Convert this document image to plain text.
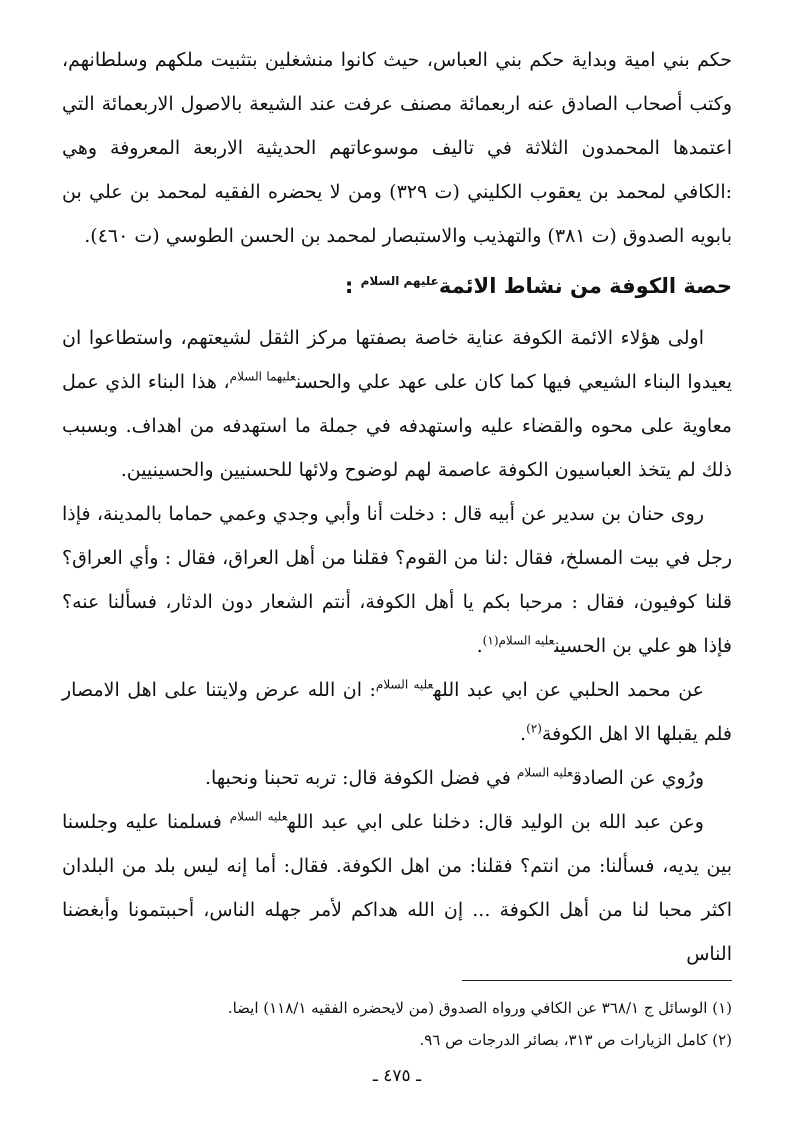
حكم بني امية وبداية حكم بني العباس، حيث كانوا منشغلين بتثبيت ملكهم وسلطانهم، وكتب أصحاب الصادق عنه اربعمائة مصنف عرفت عند الشيعة بالاصول الاربعمائة التي اعتمدها المحمدون الثلاثة في تاليف موسوعاتهم الحديثية الاربعة المعروفة وهي :الكافي لمحمد بن يعقوب الكليني (ت ٣٢٩) ومن لا يحضره الفقيه لمحمد بن علي بن بابويه الصدوق (ت ٣٨١) والتهذيب والاستبصار لمحمد بن الحسن الطوسي (ت ٤٦٠).

حصة الكوفة من نشاط الائمة$^{عليهم السلام}$ :

اولى هؤلاء الائمة الكوفة عناية خاصة بصفتها مركز الثقل لشيعتهم، واستطاعوا ان يعيدوا البناء الشيعي فيها كما كان على عهد علي والحسن$^{عليهما السلام}$، هذا البناء الذي عمل معاوية على محوه والقضاء عليه واستهدفه في جملة ما استهدفه من اهداف. وبسبب ذلك لم يتخذ العباسيون الكوفة عاصمة لهم لوضوح ولائها للحسنيين والحسينيين.

روى حنان بن سدير عن أبيه قال : دخلت أنا وأبي وجدي وعمي حماما بالمدينة، فإذا رجل في بيت المسلخ، فقال :لنا من القوم؟ فقلنا من أهل العراق، فقال : وأي العراق؟ قلنا كوفيون، فقال : مرحبا بكم يا أهل الكوفة، أنتم الشعار دون الدثار، فسألنا عنه؟ فإذا هو علي بن الحسين$^{عليه السلام(١)}$.

عن محمد الحلبي عن ابي عبد الله$^{عليه السلام}$: ان الله عرض ولايتنا على اهل الامصار فلم يقبلها الا اهل الكوفة$^{(٢)}$.

ورُوي عن الصادق$^{عليه السلام}$ في فضل الكوفة قال: تربه تحبنا ونحبها.

وعن عبد الله بن الوليد قال: دخلنا على ابي عبد الله$^{عليه السلام}$ فسلمنا عليه وجلسنا بين يديه، فسألنا: من انتم؟ فقلنا: من اهل الكوفة. فقال: أما إنه ليس بلد من البلدان اكثر محبا لنا من أهل الكوفة ... إن الله هداكم لأمر جهله الناس، أحببتمونا وأبغضنا الناس

(١) الوسائل ج ٣٦٨/١ عن الكافي ورواه الصدوق (من لايحضره الفقيه ١١٨/١) ايضا.

(٢) كامل الزيارات ص ٣١٣، بصائر الدرجات ص ٩٦.

ـ ٤٧٥ ـ
